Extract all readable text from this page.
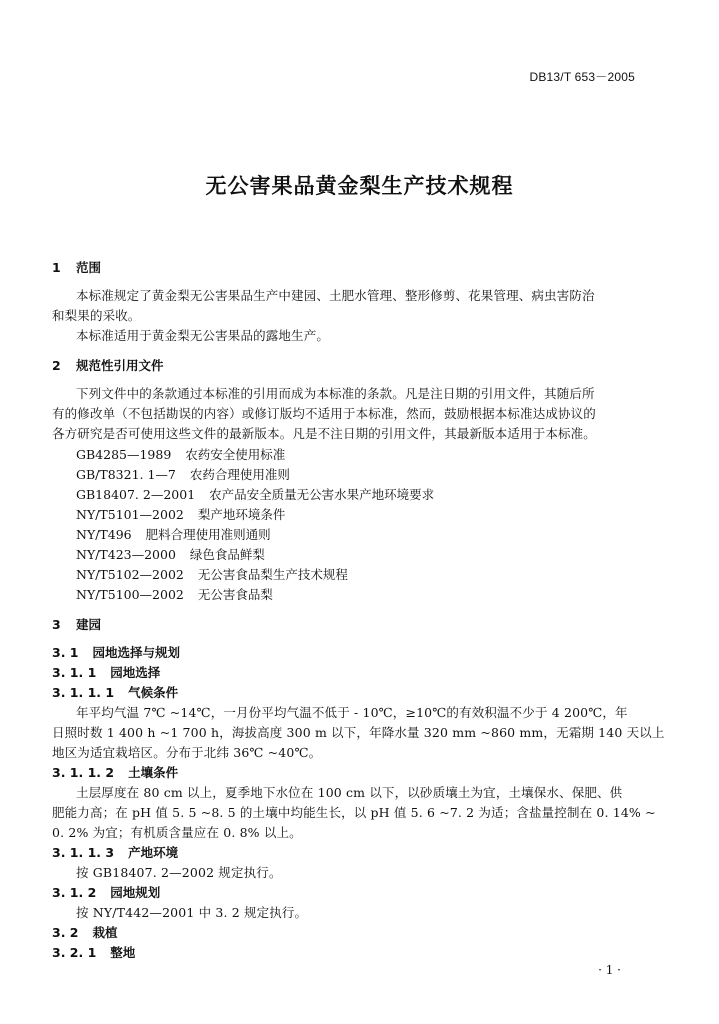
DB13/T 653－2005
无公害果品黄金梨生产技术规程
1 范围
本标准规定了黄金梨无公害果品生产中建园、土肥水管理、整形修剪、花果管理、病虫害防治
和梨果的采收。
本标准适用于黄金梨无公害果品的露地生产。
2 规范性引用文件
下列文件中的条款通过本标准的引用而成为本标准的条款。凡是注日期的引用文件，其随后所
有的修改单（不包括勘误的内容）或修订版均不适用于本标准，然而，鼓励根据本标准达成协议的
各方研究是否可使用这些文件的最新版本。凡是不注日期的引用文件，其最新版本适用于本标准。
GB4285—1989 农药安全使用标准
GB/T8321. 1—7 农药合理使用准则
GB18407. 2—2001 农产品安全质量无公害水果产地环境要求
NY/T5101—2002 梨产地环境条件
NY/T496 肥料合理使用准则通则
NY/T423—2000 绿色食品鲜梨
NY/T5102—2002 无公害食品梨生产技术规程
NY/T5100—2002 无公害食品梨
3 建园
3. 1 园地选择与规划
3. 1. 1 园地选择
3. 1. 1. 1 气候条件
年平均气温 7℃ ~14℃，一月份平均气温不低于 - 10℃，≥10℃的有效积温不少于 4 200℃，年
日照时数 1 400 h ~1 700 h，海拔高度 300 m 以下，年降水量 320 mm ~860 mm，无霜期 140 天以上
地区为适宜栽培区。分布于北纬 36℃ ~40℃。
3. 1. 1. 2 土壤条件
土层厚度在 80 cm 以上，夏季地下水位在 100 cm 以下，以砂质壤土为宜，土壤保水、保肥、供
肥能力高；在 pH 值 5. 5 ~8. 5 的土壤中均能生长，以 pH 值 5. 6 ~7. 2 为适；含盐量控制在 0. 14% ~
0. 2% 为宜；有机质含量应在 0. 8% 以上。
3. 1. 1. 3 产地环境
按 GB18407. 2—2002 规定执行。
3. 1. 2 园地规划
按 NY/T442—2001 中 3. 2 规定执行。
3. 2 栽植
3. 2. 1 整地
· 1 ·
